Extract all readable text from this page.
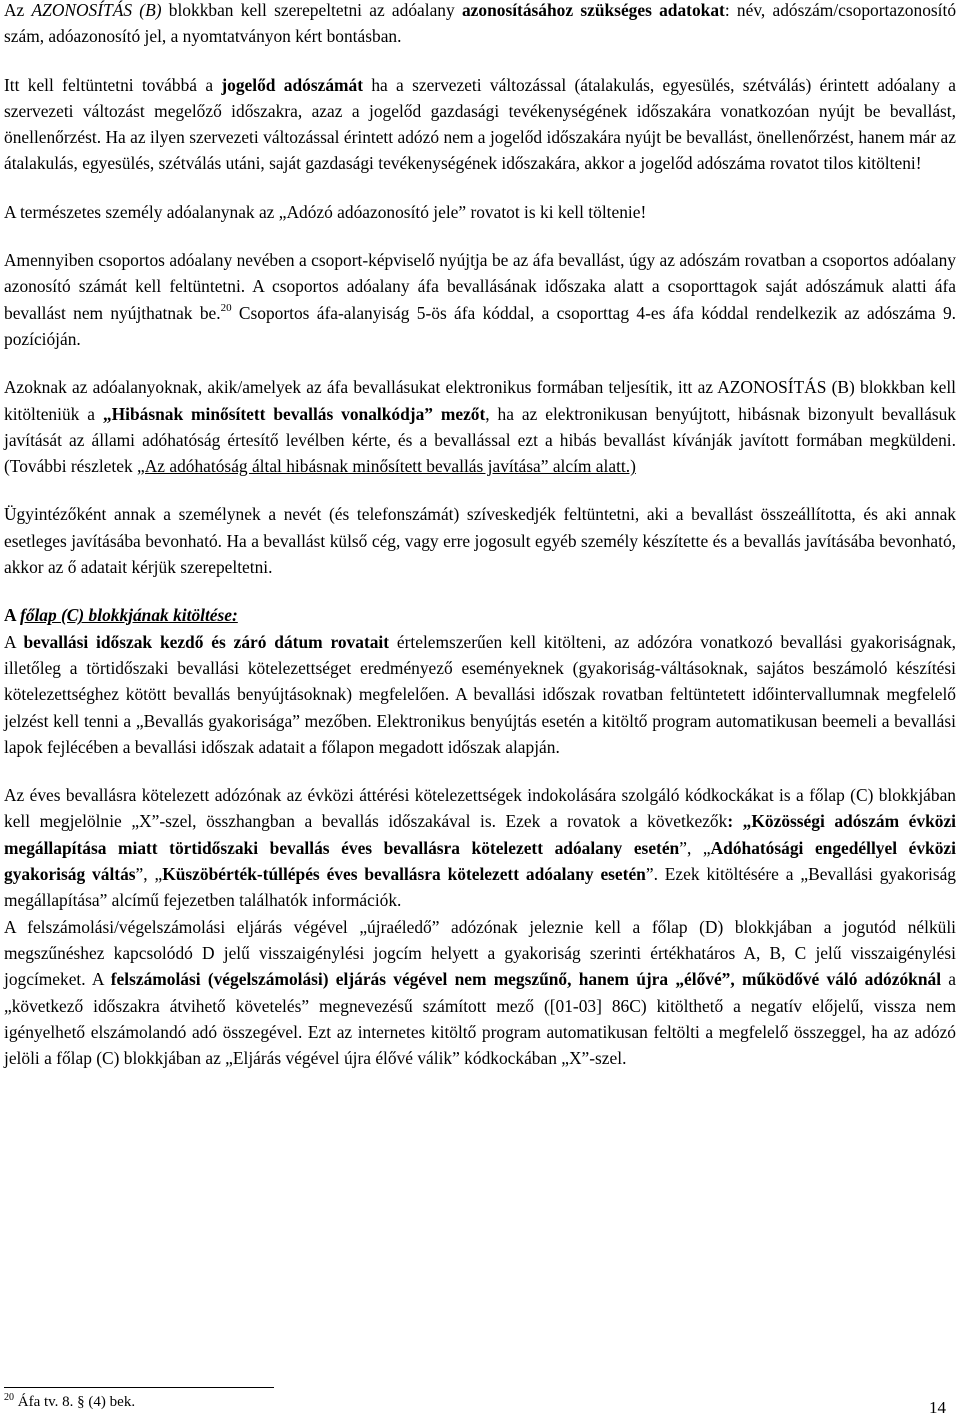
Az AZONOSÍTÁS (B) blokkban kell szerepeltetni az adóalany azonosításához szükséges adatokat: név, adószám/csoportazonosító szám, adóazonosító jel, a nyomtatványon kért bontásban.

Itt kell feltüntetni továbbá a jogelőd adószámát ha a szervezeti változással (átalakulás, egyesülés, szétválás) érintett adóalany a szervezeti változást megelőző időszakra, azaz a jogelőd gazdasági tevékenységének időszakára vonatkozóan nyújt be bevallást, önellenőrzést. Ha az ilyen szervezeti változással érintett adózó nem a jogelőd időszakára nyújt be bevallást, önellenőrzést, hanem már az átalakulás, egyesülés, szétválás utáni, saját gazdasági tevékenységének időszakára, akkor a jogelőd adószáma rovatot tilos kitölteni!

A természetes személy adóalanynak az „Adózó adóazonosító jele” rovatot is ki kell töltenie!

Amennyiben csoportos adóalany nevében a csoport-képviselő nyújtja be az áfa bevallást, úgy az adószám rovatban a csoportos adóalany azonosító számát kell feltüntetni. A csoportos adóalany áfa bevallásának időszaka alatt a csoporttagok saját adószámuk alatti áfa bevallást nem nyújthatnak be.$^{20}$ Csoportos áfa-alanyiság 5-ös áfa kóddal, a csoporttag 4-es áfa kóddal rendelkezik az adószáma 9. pozícióján.

Azoknak az adóalanyoknak, akik/amelyek az áfa bevallásukat elektronikus formában teljesítik, itt az AZONOSÍTÁS (B) blokkban kell kitölteniük a „Hibásnak minősített bevallás vonalkódja” mezőt, ha az elektronikusan benyújtott, hibásnak bizonyult bevallásuk javítását az állami adóhatóság értesítő levélben kérte, és a bevallással ezt a hibás bevallást kívánják javított formában megküldeni. (További részletek „Az adóhatóság által hibásnak minősített bevallás javítása” alcím alatt.)

Ügyintézőként annak a személynek a nevét (és telefonszámát) szíveskedjék feltüntetni, aki a bevallást összeállította, és aki annak esetleges javításába bevonható. Ha a bevallást külső cég, vagy erre jogosult egyéb személy készítette és a bevallás javításába bevonható, akkor az ő adatait kérjük szerepeltetni.

A főlap (C) blokkjának kitöltése:

A bevallási időszak kezdő és záró dátum rovatait értelemszerűen kell kitölteni, az adózóra vonatkozó bevallási gyakoriságnak, illetőleg a törtidőszaki bevallási kötelezettséget eredményező eseményeknek (gyakoriság-váltásoknak, sajátos beszámoló készítési kötelezettséghez kötött bevallás benyújtásoknak) megfelelően. A bevallási időszak rovatban feltüntetett időintervallumnak megfelelő jelzést kell tenni a „Bevallás gyakorisága” mezőben. Elektronikus benyújtás esetén a kitöltő program automatikusan beemeli a bevallási lapok fejlécében a bevallási időszak adatait a főlapon megadott időszak alapján.

Az éves bevallásra kötelezett adózónak az évközi áttérési kötelezettségek indokolására szolgáló kódkockákat is a főlap (C) blokkjában kell megjelölnie „X”-szel, összhangban a bevallás időszakával is. Ezek a rovatok a következők: „Közösségi adószám évközi megállapítása miatt törtidőszaki bevallás éves bevallásra kötelezett adóalany esetén”, „Adóhatósági engedéllyel évközi gyakoriság váltás”, „Küszöbérték-túllépés éves bevallásra kötelezett adóalany esetén”. Ezek kitöltésére a „Bevallási gyakoriság megállapítása” alcímű fejezetben találhatók információk.

A felszámolási/végelszámolási eljárás végével „újraéledő” adózónak jeleznie kell a főlap (D) blokkjában a jogutód nélküli megszűnéshez kapcsolódó D jelű visszaigénylési jogcím helyett a gyakoriság szerinti értékhatáros A, B, C jelű visszaigénylési jogcímeket. A felszámolási (végelszámolási) eljárás végével nem megszűnő, hanem újra „élővé”, működővé váló adózóknál a „következő időszakra átvihető követelés” megnevezésű számított mező ([01-03] 86C) kitölthető a negatív előjelű, vissza nem igényelhető elszámolandó adó összegével. Ezt az internetes kitöltő program automatikusan feltölti a megfelelő összeggel, ha az adózó jelöli a főlap (C) blokkjában az „Eljárás végével újra élővé válik” kódkockában „X”-szel.

$^{20}$ Áfa tv. 8. § (4) bek.	14
